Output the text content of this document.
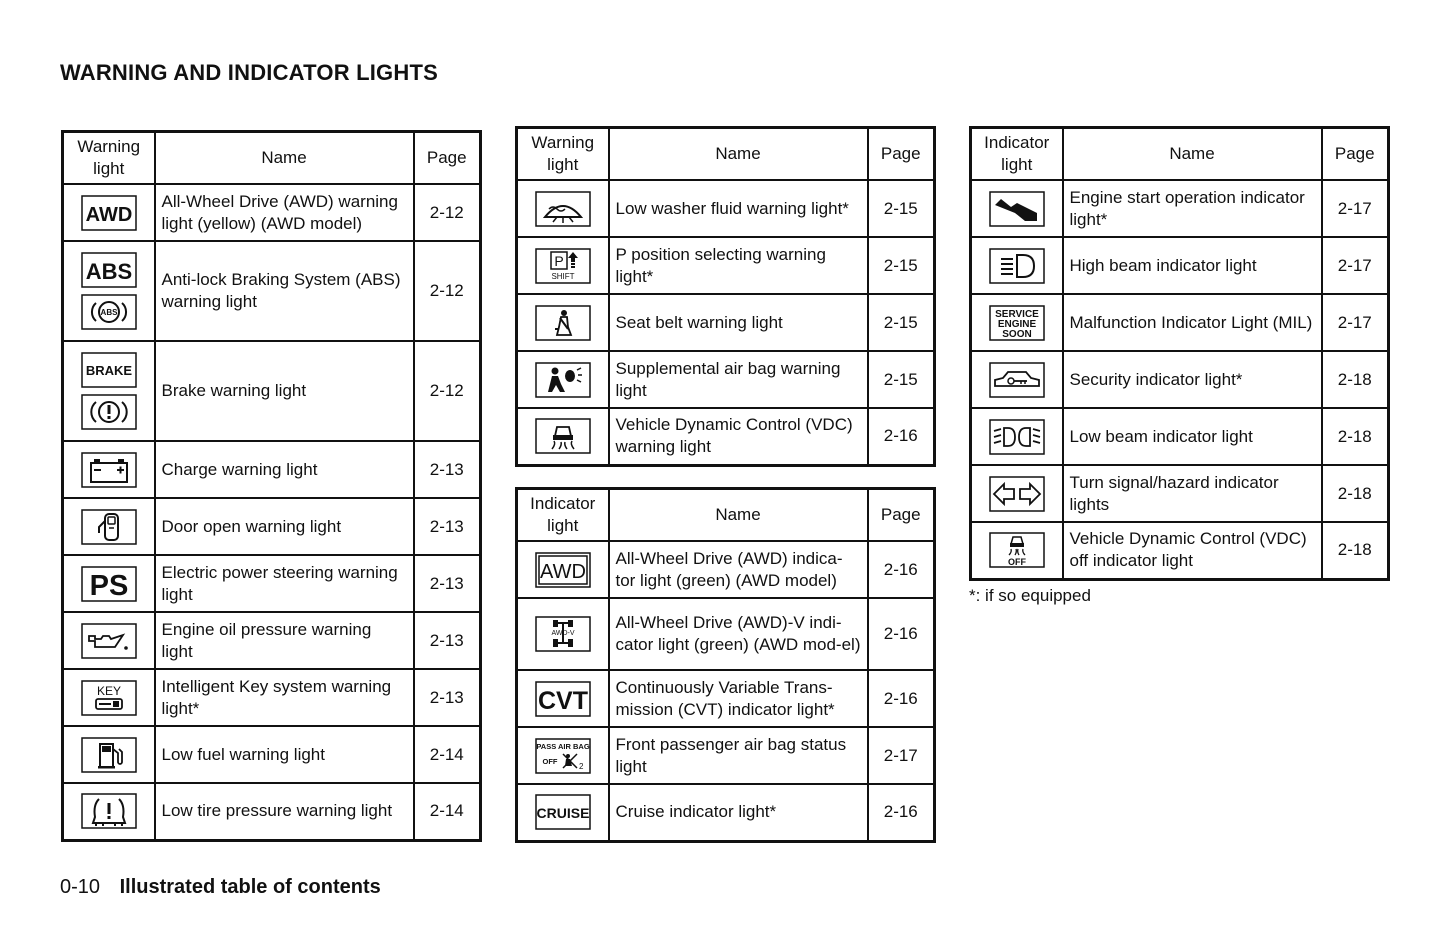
WARNING AND INDICATOR LIGHTS
Warning light	Name	Page

AWD	All-Wheel Drive (AWD) warning light (yellow) (AWD model)	2-12

ABS
ABS	Anti-lock Braking System (ABS) warning light	2-12

BRAKE	Brake warning light	2-12

	Charge warning light	2-13

	Door open warning light	2-13

PS	Electric power steering warning light	2-13

	Engine oil pressure warning light	2-13

KEY	Intelligent Key system warning light*	2-13

	Low fuel warning light	2-14

	Low tire pressure warning light	2-14
Warning light	Name	Page

	Low washer fluid warning light*	2-15

P
SHIFT	P position selecting warning light*	2-15

	Seat belt warning light	2-15

	Supplemental air bag warning light	2-15

	Vehicle Dynamic Control (VDC) warning light	2-16
Indicator light	Name	Page

AWD	All-Wheel Drive (AWD) indica-tor light (green) (AWD model)	2-16

AWD-V	All-Wheel Drive (AWD)-V indi-cator light (green) (AWD mod-el)	2-16

CVT	Continuously Variable Trans-mission (CVT) indicator light*	2-16

PASS AIR BAG
OFF
2	Front passenger air bag status light	2-17

CRUISE	Cruise indicator light*	2-16
Indicator light	Name	Page

	Engine start operation indicator light*	2-17

	High beam indicator light	2-17

SERVICE
ENGINE
SOON	Malfunction Indicator Light (MIL)	2-17

	Security indicator light*	2-18

	Low beam indicator light	2-18

	Turn signal/hazard indicator lights	2-18

OFF	Vehicle Dynamic Control (VDC) off indicator light	2-18
*: if so equipped
0-10 Illustrated table of contents
